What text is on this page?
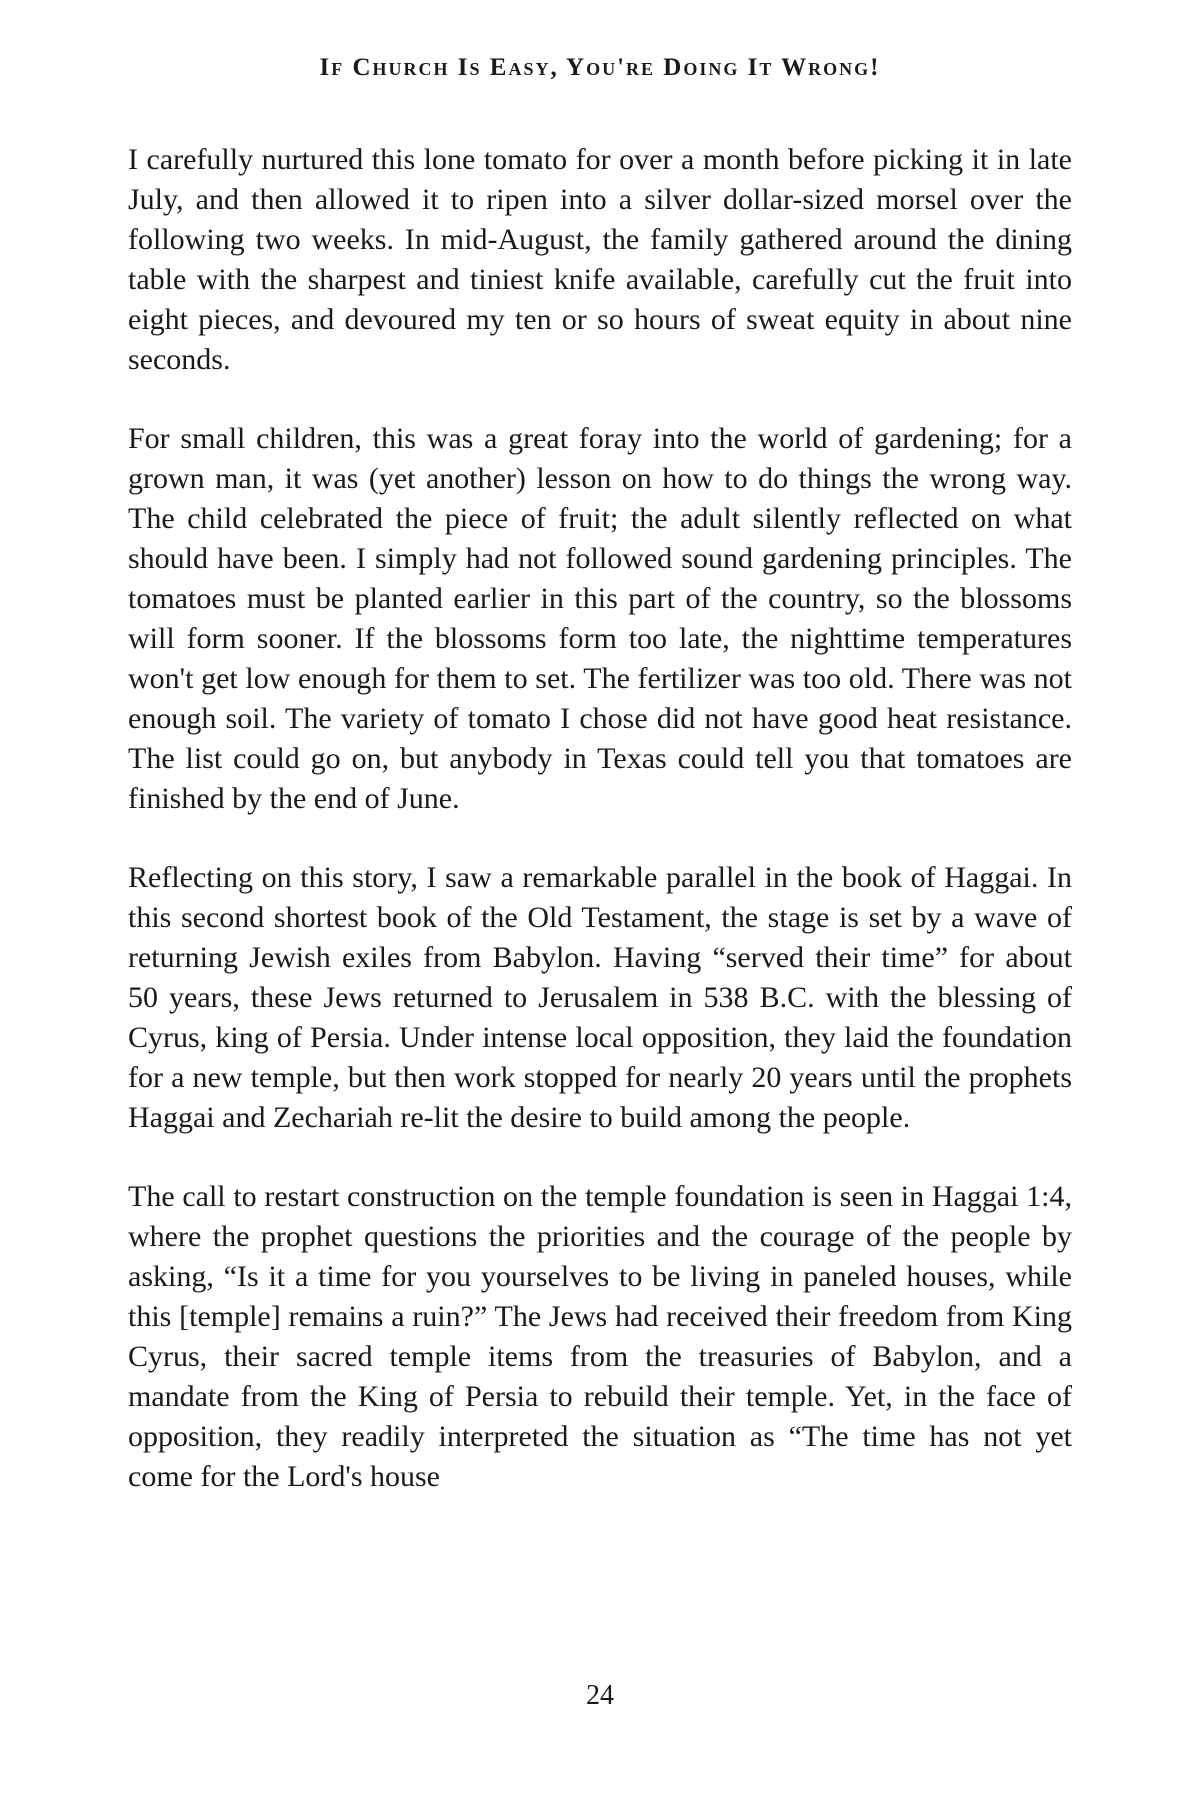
If Church Is Easy, You're Doing It Wrong!

I carefully nurtured this lone tomato for over a month before picking it in late July, and then allowed it to ripen into a silver dollar-sized morsel over the following two weeks. In mid-August, the family gathered around the dining table with the sharpest and tiniest knife available, carefully cut the fruit into eight pieces, and devoured my ten or so hours of sweat equity in about nine seconds.

For small children, this was a great foray into the world of gardening; for a grown man, it was (yet another) lesson on how to do things the wrong way. The child celebrated the piece of fruit; the adult silently reflected on what should have been. I simply had not followed sound gardening principles. The tomatoes must be planted earlier in this part of the country, so the blossoms will form sooner. If the blossoms form too late, the nighttime temperatures won't get low enough for them to set. The fertilizer was too old. There was not enough soil. The variety of tomato I chose did not have good heat resistance. The list could go on, but anybody in Texas could tell you that tomatoes are finished by the end of June.

Reflecting on this story, I saw a remarkable parallel in the book of Haggai. In this second shortest book of the Old Testament, the stage is set by a wave of returning Jewish exiles from Babylon. Having “served their time” for about 50 years, these Jews returned to Jerusalem in 538 B.C. with the blessing of Cyrus, king of Persia. Under intense local opposition, they laid the foundation for a new temple, but then work stopped for nearly 20 years until the prophets Haggai and Zechariah re-lit the desire to build among the people.

The call to restart construction on the temple foundation is seen in Haggai 1:4, where the prophet questions the priorities and the courage of the people by asking, “Is it a time for you yourselves to be living in paneled houses, while this [temple] remains a ruin?” The Jews had received their freedom from King Cyrus, their sacred temple items from the treasuries of Babylon, and a mandate from the King of Persia to rebuild their temple. Yet, in the face of opposition, they readily interpreted the situation as “The time has not yet come for the Lord's house

24
